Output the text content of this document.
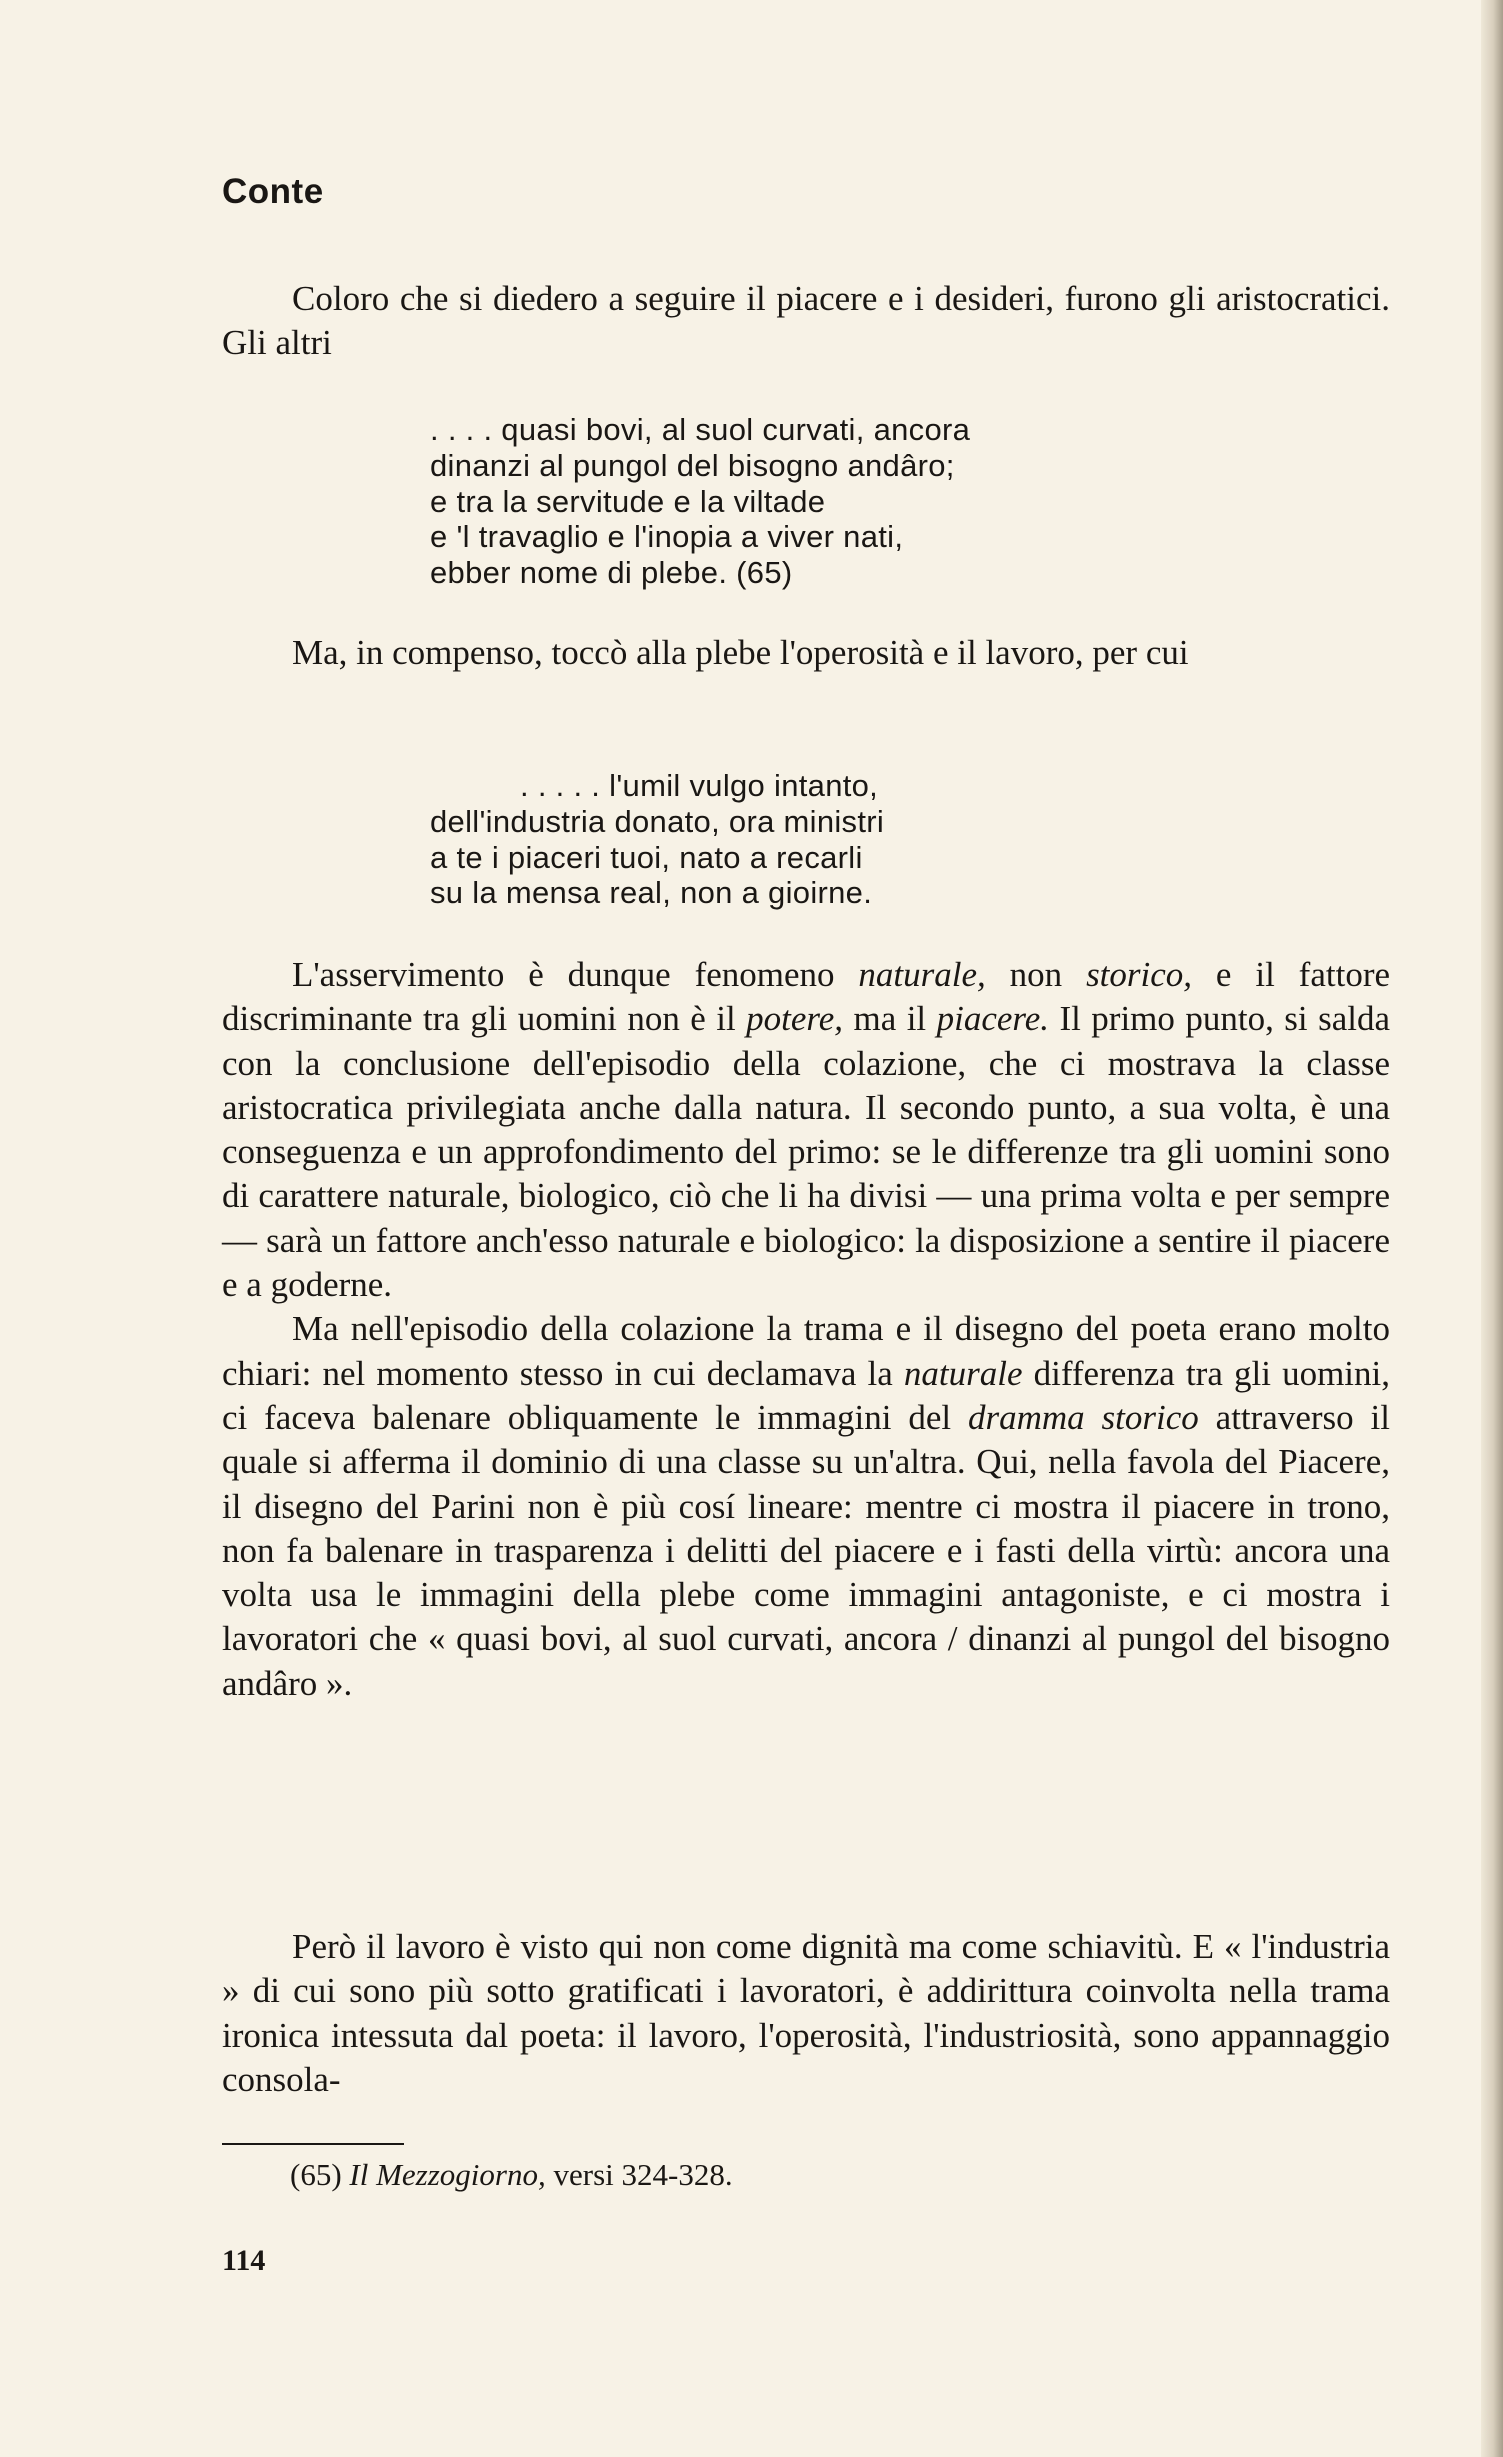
Conte

Coloro che si diedero a seguire il piacere e i desideri, furono gli aristocratici. Gli altri

. . . . quasi bovi, al suol curvati, ancora
dinanzi al pungol del bisogno andâro;
e tra la servitude e la viltade
e 'l travaglio e l'inopia a viver nati,
ebber nome di plebe. (65)

Ma, in compenso, toccò alla plebe l'operosità e il lavoro, per cui

. . . . . l'umil vulgo intanto,
dell'industria donato, ora ministri
a te i piaceri tuoi, nato a recarli
su la mensa real, non a gioirne.

L'asservimento è dunque fenomeno naturale, non storico, e il fattore discriminante tra gli uomini non è il potere, ma il piacere. Il primo punto, si salda con la conclusione dell'episodio della colazione, che ci mostrava la classe aristocratica privilegiata anche dalla natura. Il secondo punto, a sua volta, è una conseguenza e un approfondimento del primo: se le differenze tra gli uomini sono di carattere naturale, biologico, ciò che li ha divisi — una prima volta e per sempre — sarà un fattore anch'esso naturale e biologico: la disposizione a sentire il piacere e a goderne.

Ma nell'episodio della colazione la trama e il disegno del poeta erano molto chiari: nel momento stesso in cui declamava la naturale differenza tra gli uomini, ci faceva balenare obliquamente le immagini del dramma storico attraverso il quale si afferma il dominio di una classe su un'altra. Qui, nella favola del Piacere, il disegno del Parini non è più cosí lineare: mentre ci mostra il piacere in trono, non fa balenare in trasparenza i delitti del piacere e i fasti della virtù: ancora una volta usa le immagini della plebe come immagini antagoniste, e ci mostra i lavoratori che « quasi bovi, al suol curvati, ancora / dinanzi al pungol del bisogno andâro ».

Però il lavoro è visto qui non come dignità ma come schiavitù. E « l'industria » di cui sono più sotto gratificati i lavoratori, è addirittura coinvolta nella trama ironica intessuta dal poeta: il lavoro, l'operosità, l'industriosità, sono appannaggio consola-

(65) Il Mezzogiorno, versi 324-328.
114
